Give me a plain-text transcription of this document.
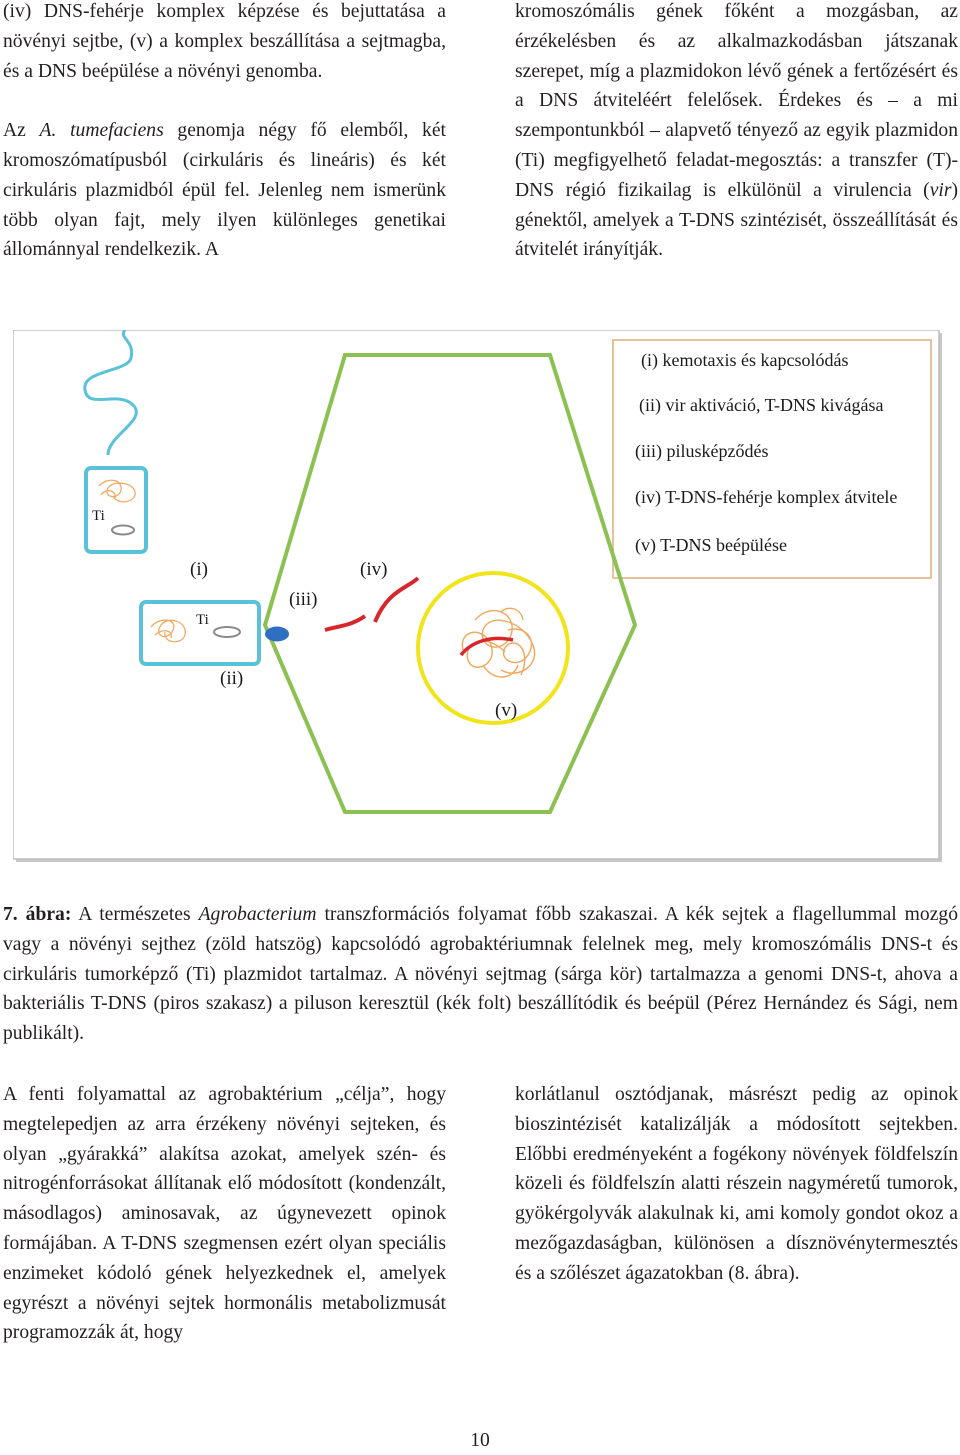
(iv) DNS-fehérje komplex képzése és bejuttatása a növényi sejtbe, (v) a komplex beszállítása a sejtmagba, és a DNS beépülése a növényi genomba.

Az A. tumefaciens genomja négy fő elemből, két kromoszómatípusból (cirkuláris és lineáris) és két cirkuláris plazmidból épül fel. Jelenleg nem ismerünk több olyan fajt, mely ilyen különleges genetikai állománnyal rendelkezik. A

kromoszómális gének főként a mozgásban, az érzékelésben és az alkalmazkodásban játszanak szerepet, míg a plazmidokon lévő gének a fertőzésért és a DNS átviteléért felelősek. Érdekes és – a mi szempontunkból – alapvető tényező az egyik plazmidon (Ti) megfigyelhető feladat-megosztás: a transzfer (T)-DNS régió fizikailag is elkülönül a virulencia (vir) génektől, amelyek a T-DNS szintézisét, összeállítását és átvitelét irányítják.

(i) kemotaxis és kapcsolódás
(ii) vir aktiváció, T-DNS kivágása
(iii) pilusképződés
(iv) T-DNS-fehérje komplex átvitele
(v) T-DNS beépülése
Ti
Ti
(i)
(ii)
(iii)
(iv)
(v)
7. ábra: A természetes Agrobacterium transzformációs folyamat főbb szakaszai. A kék sejtek a flagellummal mozgó vagy a növényi sejthez (zöld hatszög) kapcsolódó agrobaktériumnak felelnek meg, mely kromoszómális DNS-t és cirkuláris tumorképző (Ti) plazmidot tartalmaz. A növényi sejtmag (sárga kör) tartalmazza a genomi DNS-t, ahova a bakteriális T-DNS (piros szakasz) a piluson keresztül (kék folt) beszállítódik és beépül (Pérez Hernández és Sági, nem publikált).

A fenti folyamattal az agrobaktérium „célja”, hogy megtelepedjen az arra érzékeny növényi sejteken, és olyan „gyárakká” alakítsa azokat, amelyek szén- és nitrogénforrásokat állítanak elő módosított (kondenzált, másodlagos) aminosavak, az úgynevezett opinok formájában. A T-DNS szegmensen ezért olyan speciális enzimeket kódoló gének helyezkednek el, amelyek egyrészt a növényi sejtek hormonális metabolizmusát programozzák át, hogy

korlátlanul osztódjanak, másrészt pedig az opinok bioszintézisét katalizálják a módosított sejtekben. Előbbi eredményeként a fogékony növények földfelszín közeli és földfelszín alatti részein nagyméretű tumorok, gyökérgolyvák alakulnak ki, ami komoly gondot okoz a mezőgazdaságban, különösen a dísznövénytermesztés és a szőlészet ágazatokban (8. ábra).

10
